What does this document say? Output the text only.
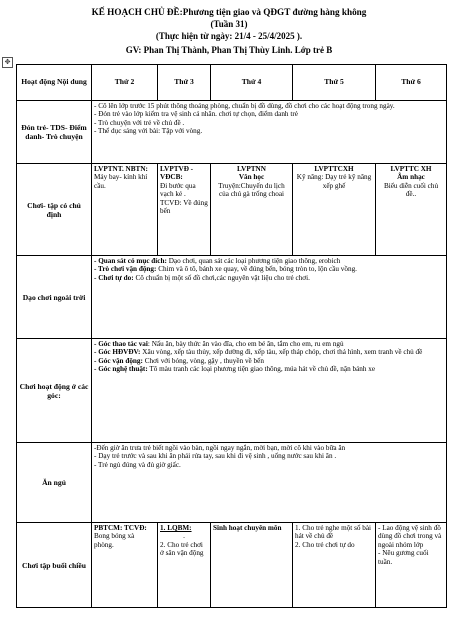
KẾ HOẠCH CHỦ ĐỀ:Phương tiện giao và QĐGT đường hàng không
(Tuần 31)
(Thực hiện từ ngày: 21/4 - 25/4/2025 ).
GV: Phan Thị Thành, Phan Thị Thùy Linh. Lớp trẻ B
✥
Hoạt động Nội dung	Thứ 2	Thứ 3	Thứ 4	Thứ 5	Thứ 6
Đón trẻ- TDS- Điểm danh- Trò chuyện	- Cô lên lớp trước 15 phút thông thoáng phòng, chuẩn bị đồ dùng, đồ chơi cho các hoạt động trong ngày.
- Đón trẻ vào lớp kiểm tra vệ sinh cá nhân. chơi tự chọn, điểm danh trẻ
- Trò chuyện với trẻ về chủ đề .
- Thể dục sáng với bài: Tập với vòng.				

Chơi- tập có chủ định	LVPTNT. NBTN:
Máy bay- kính khí cầu.	LVPTVĐ -VĐCB:
Đi bước qua vạch kẻ .
TCVĐ: Về đúng bến	LVPTNN
Văn học
Truyện:Chuyến du lịch của chú gà trống choai	LVPTTCXH
Kỹ năng: Dạy trẻ kỹ năng xếp ghế	LVPTTC XH
Âm nhạc
Biểu diễn cuối chủ đề..

Dạo chơi ngoài trời	- Quan sát có mục đích: Dạo chơi, quan sát các loại phương tiện giao thông, erobich
- Trò chơi vận động: Chim và ô tô, bánh xe quay, về đúng bến, bóng tròn to, lộn cầu vồng.
- Chơi tự do: Cô chuẩn bị một số đồ chơi,các nguyên vật liệu cho trẻ chơi.				

Chơi hoạt động ở các góc:	- Góc thao tác vai: Nấu ăn, bày thức ăn vào đĩa, cho em bé ăn, tắm cho em, ru em ngủ
- Góc HĐVĐV: Xâu vòng, xếp tàu thủy, xếp đường đi, xếp tàu, xếp tháp chóp, chơi thả hình, xem tranh về chủ đề
- Góc vận động: Chơi với bóng, vòng, gậy , thuyền về bến
- Góc nghệ thuật: Tô màu tranh các loại phương tiện giao thông, múa hát về chủ đề, nặn bánh xe				

Ăn ngủ	-Đến giờ ăn trưa trẻ biết ngồi vào bàn, ngồi ngay ngắn, mời bạn, mời cô khi vào bữa ăn
- Dạy trẻ trước và sau khi ăn phải rửa tay, sau khi đi vệ sinh , uống nước sau khi ăn .
- Trẻ ngủ đúng và đủ giờ giấc.				

Chơi tập buổi chiều	PBTCM: TCVĐ:
Bong bóng xà phòng.	1. LQBM:
.
2. Cho trẻ chơi ở sân vận động	Sinh hoạt chuyên môn	1. Cho trẻ nghe một số bài hát về chủ đề
2. Cho trẻ chơi tự do	- Lao động vệ sinh đồ dùng đồ chơi trong và ngoài nhóm lớp
- Nêu gương cuối tuần.
